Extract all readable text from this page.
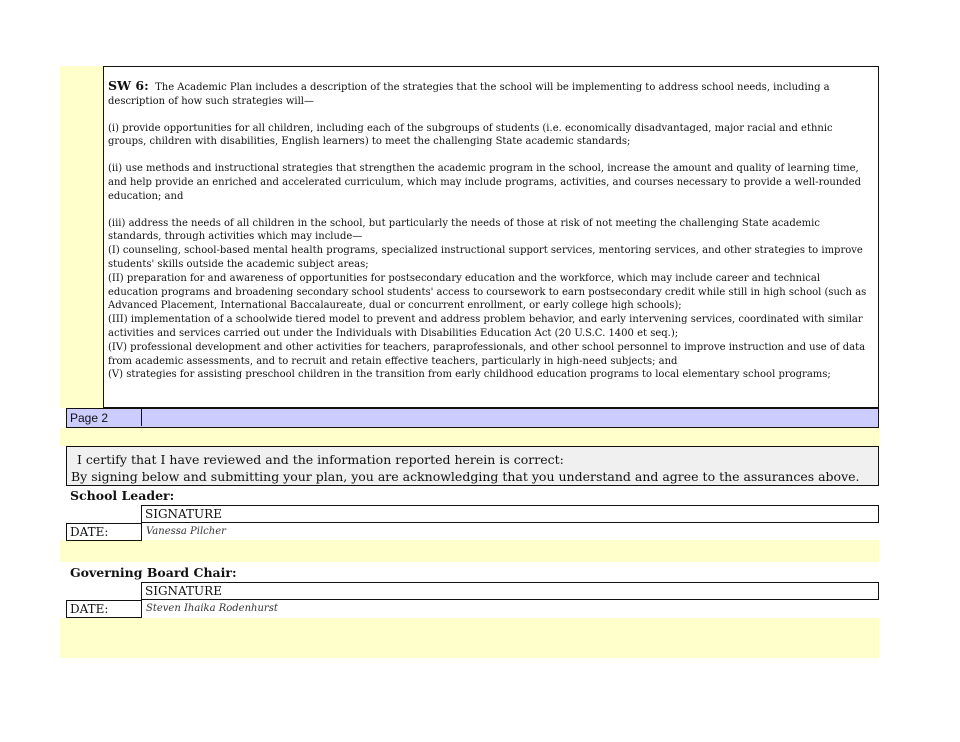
SW 6: The Academic Plan includes a description of the strategies that the school will be implementing to address school needs, including a description of how such strategies will—

(i) provide opportunities for all children, including each of the subgroups of students (i.e. economically disadvantaged, major racial and ethnic groups, children with disabilities, English learners) to meet the challenging State academic standards;

(ii) use methods and instructional strategies that strengthen the academic program in the school, increase the amount and quality of learning time, and help provide an enriched and accelerated curriculum, which may include programs, activities, and courses necessary to provide a well-rounded education; and

(iii) address the needs of all children in the school, but particularly the needs of those at risk of not meeting the challenging State academic standards, through activities which may include—

(I) counseling, school-based mental health programs, specialized instructional support services, mentoring services, and other strategies to improve students' skills outside the academic subject areas;

(II) preparation for and awareness of opportunities for postsecondary education and the workforce, which may include career and technical education programs and broadening secondary school students' access to coursework to earn postsecondary credit while still in high school (such as Advanced Placement, International Baccalaureate, dual or concurrent enrollment, or early college high schools);

(III) implementation of a schoolwide tiered model to prevent and address problem behavior, and early intervening services, coordinated with similar activities and services carried out under the Individuals with Disabilities Education Act (20 U.S.C. 1400 et seq.);

(IV) professional development and other activities for teachers, paraprofessionals, and other school personnel to improve instruction and use of data from academic assessments, and to recruit and retain effective teachers, particularly in high-need subjects; and

(V) strategies for assisting preschool children in the transition from early childhood education programs to local elementary school programs;

Page 2
I certify that I have reviewed and the information reported herein is correct:
By signing below and submitting your plan, you are acknowledging that you understand and agree to the assurances above.
School Leader:
SIGNATURE
DATE:	Vanessa Pilcher
Governing Board Chair:
SIGNATURE
DATE:	Steven Ihaika Rodenhurst
